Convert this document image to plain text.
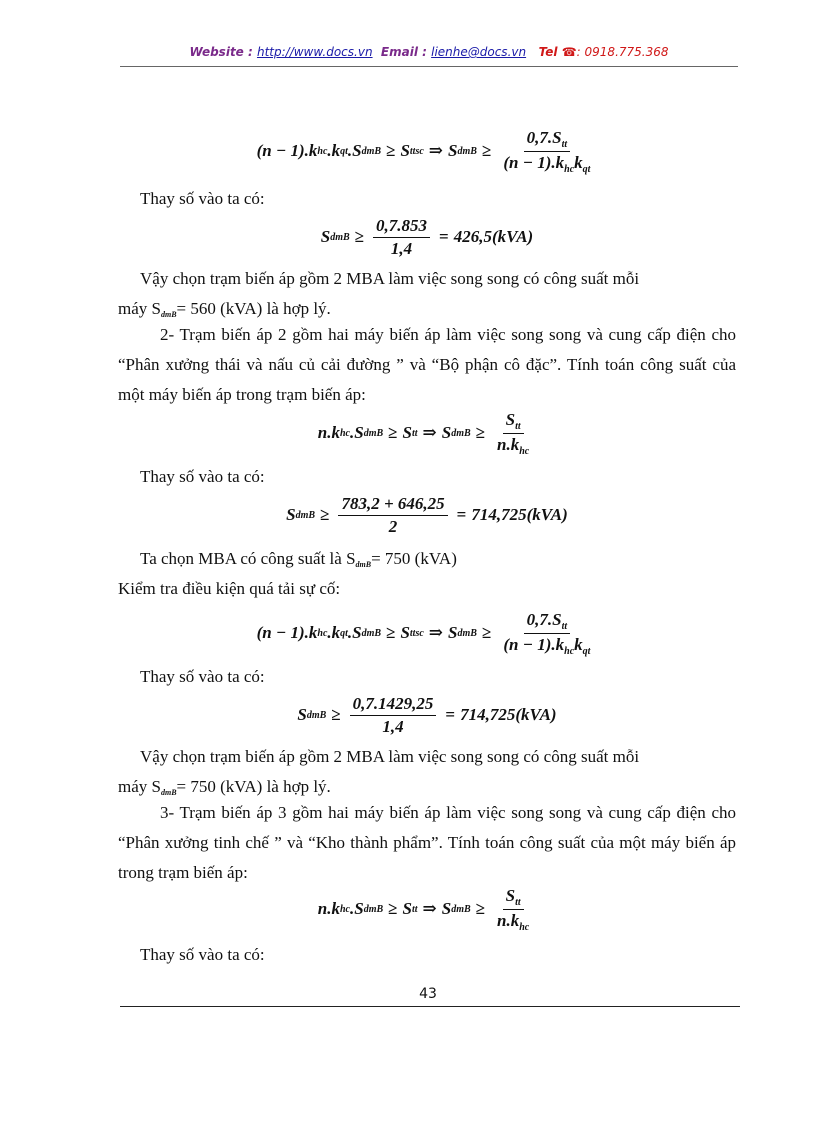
Website : http://www.docs.vn Email : lienhe@docs.vn Tel ☎: 0918.775.368
(n − 1).k hc .k qt .S dmB ≥ S ttsc ⇒ S dmB ≥ $\frac{0,7.S_{tt}}{(n - 1).k_{hc}k_{qt}}$
Thay số vào ta có:
S dmB ≥ $\frac{0,7.853}{1,4} = 426,5(kVA)$
Vậy chọn trạm biến áp gồm 2 MBA làm việc song song có công suất mỗi
máy SdmB= 560 (kVA) là hợp lý.
2- Trạm biến áp 2 gồm hai máy biến áp làm việc song song và cung cấp điện cho “Phân xưởng thái và nấu củ cải đường ” và “Bộ phận cô đặc”. Tính toán công suất của một máy biến áp trong trạm biến áp:
n.k hc .S dmB ≥ S tt ⇒ S dmB ≥ $\frac{S_{tt}}{n.k_{hc}}$
Thay số vào ta có:
S dmB ≥ $\frac{783,2 + 646,25}{2} = 714,725(kVA)$
Ta chọn MBA có công suất là SdmB= 750 (kVA)
Kiểm tra điều kiện quá tải sự cố:
(n − 1).k hc .k qt .S dmB ≥ S ttsc ⇒ S dmB ≥ $\frac{0,7.S_{tt}}{(n - 1).k_{hc}k_{qt}}$
Thay số vào ta có:
S dmB ≥ $\frac{0,7.1429,25}{1,4} = 714,725(kVA)$
Vậy chọn trạm biến áp gồm 2 MBA làm việc song song có công suất mỗi
máy SdmB= 750 (kVA) là hợp lý.
3- Trạm biến áp 3 gồm hai máy biến áp làm việc song song và cung cấp điện cho “Phân xưởng tinh chế ” và “Kho thành phẩm”. Tính toán công suất của một máy biến áp trong trạm biến áp:
n.k hc .S dmB ≥ S tt ⇒ S dmB ≥ $\frac{S_{tt}}{n.k_{hc}}$
Thay số vào ta có:
43
